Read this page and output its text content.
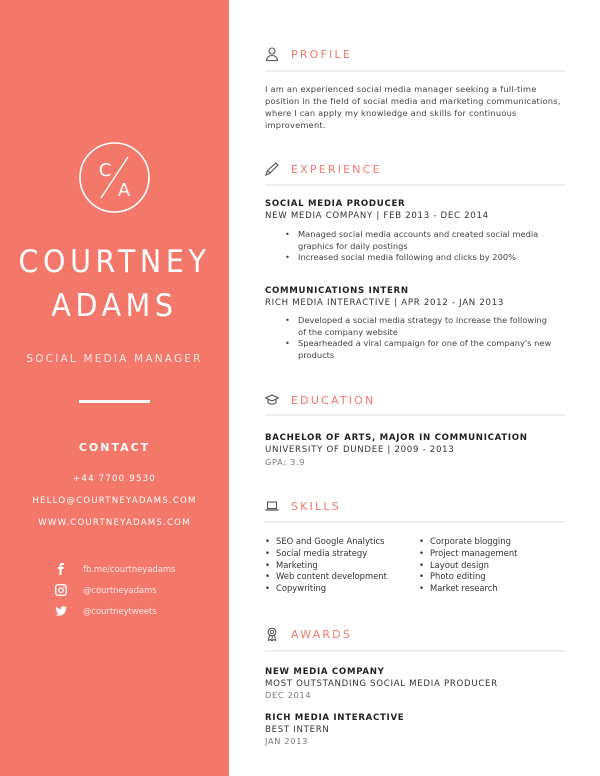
C
A
COURTNEY
ADAMS
SOCIAL MEDIA MANAGER
CONTACT
+44 7700 9530
HELLO@COURTNEYADAMS.COM
WWW.COURTNEYADAMS.COM
fb.me/courtneyadams
@courtneyadams
@courtneytweets
PROFILE
I am an experienced social media manager seeking a full-time position in the field of social media and marketing communications, where I can apply my knowledge and skills for continuous improvement.
EXPERIENCE
SOCIAL MEDIA PRODUCER
NEW MEDIA COMPANY | FEB 2013 - DEC 2014
• Managed social media accounts and created social media graphics for daily postings
• Increased social media following and clicks by 200%
COMMUNICATIONS INTERN
RICH MEDIA INTERACTIVE | APR 2012 - JAN 2013
• Developed a social media strategy to increase the following of the company website
• Spearheaded a viral campaign for one of the company's new products
EDUCATION
BACHELOR OF ARTS, MAJOR IN COMMUNICATION
UNIVERSITY OF DUNDEE | 2009 - 2013
GPA: 3.9
SKILLS
• SEO and Google Analytics
• Social media strategy
• Marketing
• Web content development
• Copywriting
• Corporate blogging
• Project management
• Layout design
• Photo editing
• Market research
AWARDS
NEW MEDIA COMPANY
MOST OUTSTANDING SOCIAL MEDIA PRODUCER
DEC 2014
RICH MEDIA INTERACTIVE
BEST INTERN
JAN 2013
